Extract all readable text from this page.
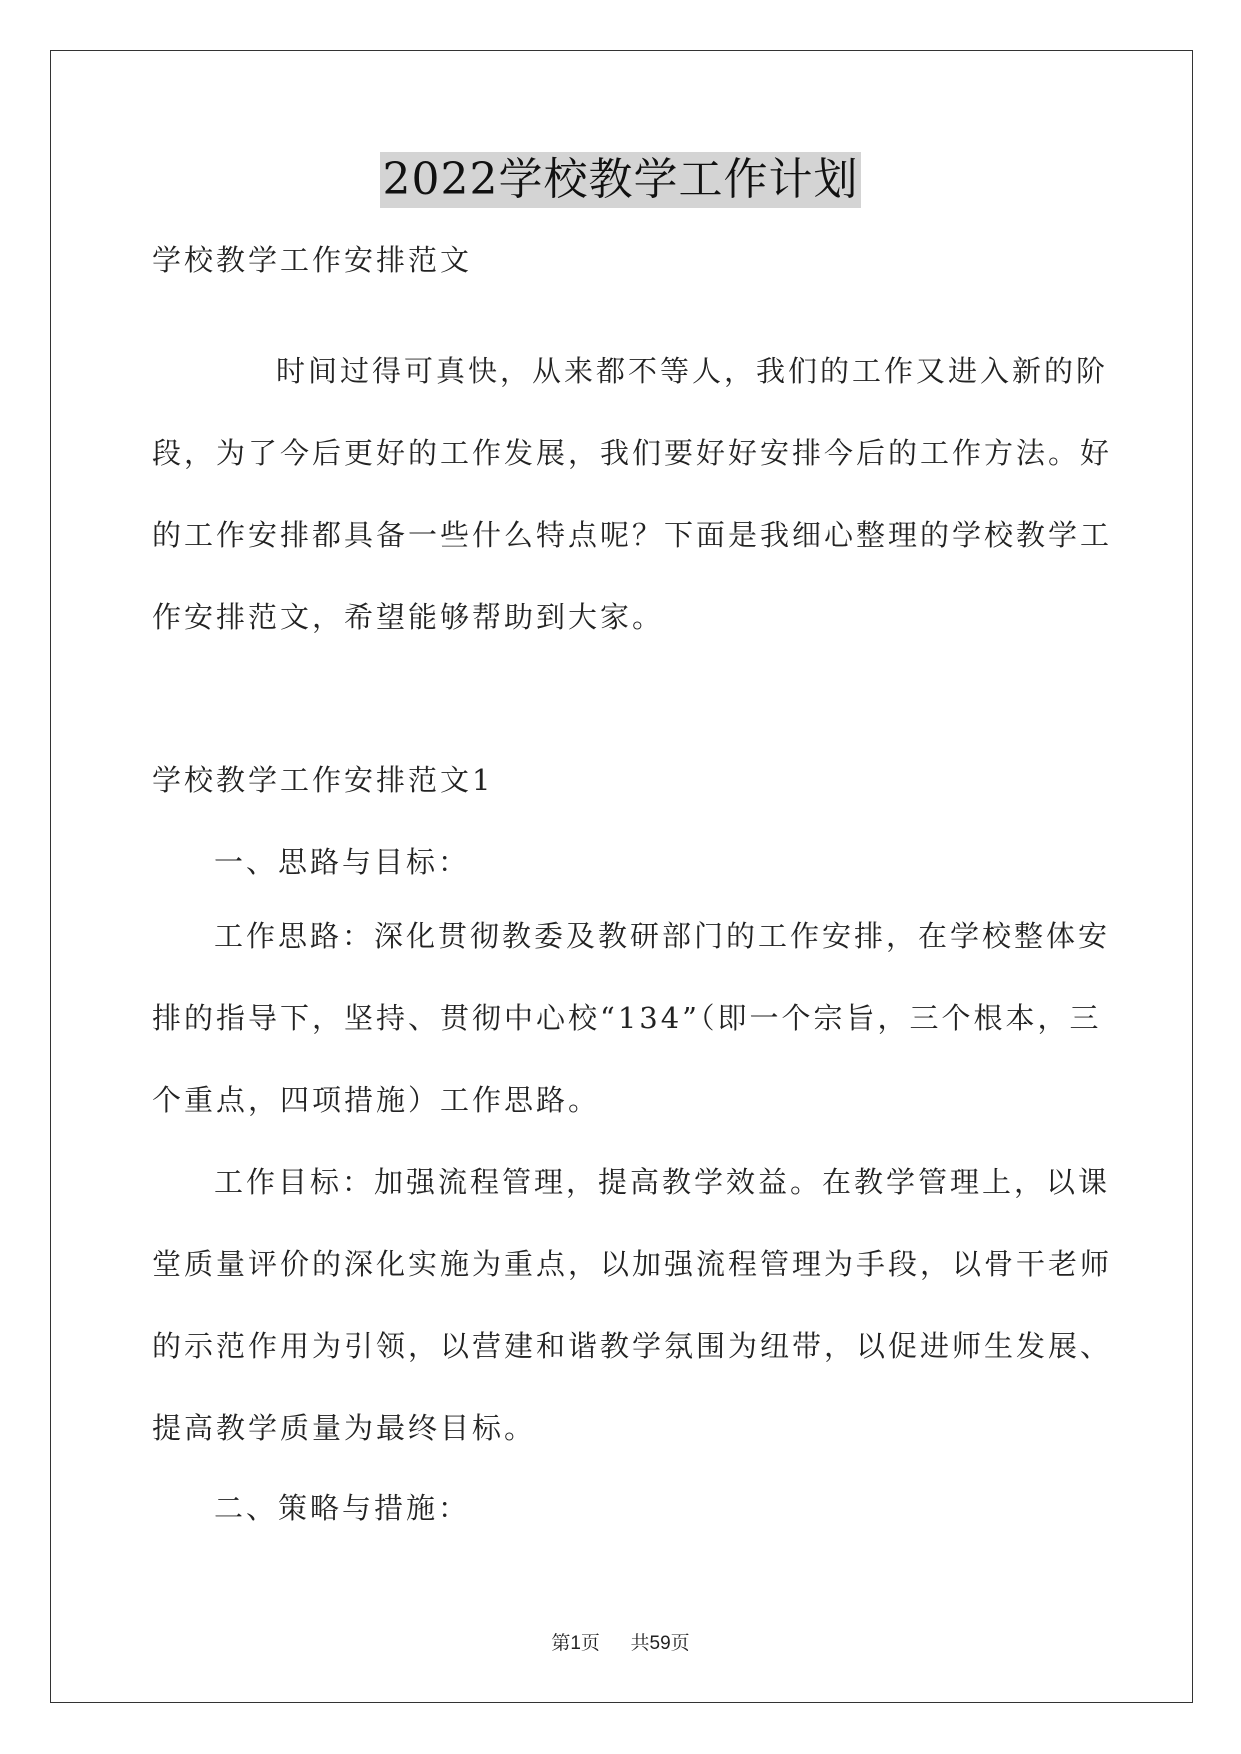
2022学校教学工作计划

学校教学工作安排范文

时间过得可真快，从来都不等人，我们的工作又进入新的阶
段，为了今后更好的工作发展，我们要好好安排今后的工作方法。好
的工作安排都具备一些什么特点呢？下面是我细心整理的学校教学工
作安排范文，希望能够帮助到大家。

学校教学工作安排范文1

一、思路与目标：

工作思路：深化贯彻教委及教研部门的工作安排，在学校整体安
排的指导下，坚持、贯彻中心校“134”（即一个宗旨，三个根本，三
个重点，四项措施）工作思路。
工作目标：加强流程管理，提高教学效益。在教学管理上，以课
堂质量评价的深化实施为重点，以加强流程管理为手段，以骨干老师
的示范作用为引领，以营建和谐教学氛围为纽带，以促进师生发展、
提高教学质量为最终目标。

二、策略与措施：

第1页 共59页
